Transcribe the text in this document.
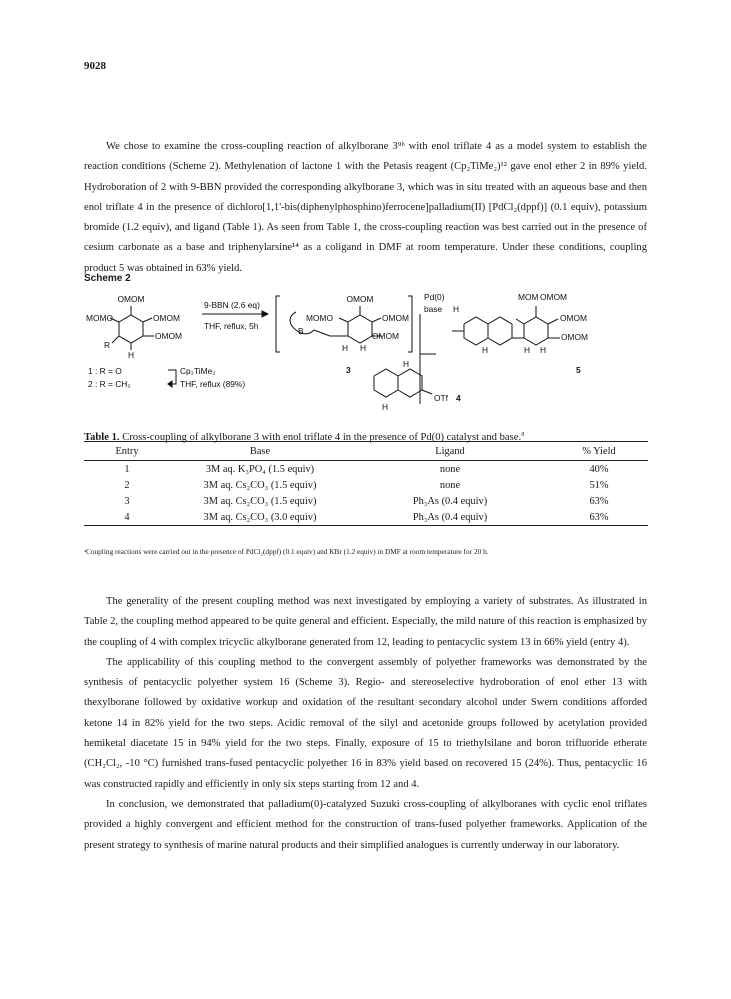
9028

We chose to examine the cross-coupling reaction of alkylborane 3⁹ᵇ with enol triflate 4 as a model system to establish the reaction conditions (Scheme 2). Methylenation of lactone 1 with the Petasis reagent (Cp₂TiMe₂)¹² gave enol ether 2 in 89% yield. Hydroboration of 2 with 9-BBN provided the corresponding alkylborane 3, which was in situ treated with an aqueous base and then enol triflate 4 in the presence of dichloro[1,1'-bis(diphenylphosphino)ferrocene]palladium(II) [PdCl₂(dppf)] (0.1 equiv), potassium bromide (1.2 equiv), and ligand (Table 1). As seen from Table 1, the cross-coupling reaction was best carried out in the presence of cesium carbonate as a base and triphenylarsine¹⁴ as a coligand in DMF at room temperature. Under these conditions, coupling product 5 was obtained in 63% yield.

Scheme 2
OMOM
MOMO	OMOM
OMOM
R
H
9-BBN (2.6 eq)
THF, reflux, 5h
OMOM
MOMO	OMOM
OMOM
B
H H
3
Pd(0)
base
MOM OMOM
OMOM
OMOM
H
H	H H
5
1 : R = O
2 : R = CH₂
Cp₂TiMe₂
THF, reflux (89%)
H
H
OTf 4
Table 1. Cross-coupling of alkylborane 3 with enol triflate 4 in the presence of Pd(0) catalyst and base.$^a$
Entry	Base	Ligand	% Yield
1	3M aq. K₃PO₄ (1.5 equiv)	none	40%
2	3M aq. Cs₂CO₃ (1.5 equiv)	none	51%
3	3M aq. Cs₂CO₃ (1.5 equiv)	Ph₃As (0.4 equiv)	63%
4	3M aq. Cs₂CO₃ (3.0 equiv)	Ph₃As (0.4 equiv)	63%
ᵃCoupling reactions were carried out in the presence of PdCl₂(dppf) (0.1 equiv) and KBr (1.2 equiv) in DMF at room temperature for 20 h.

The generality of the present coupling method was next investigated by employing a variety of substrates. As illustrated in Table 2, the coupling method appeared to be quite general and efficient. Especially, the mild nature of this reaction is emphasized by the coupling of 4 with complex tricyclic alkylborane generated from 12, leading to pentacyclic system 13 in 66% yield (entry 4).

The applicability of this coupling method to the convergent assembly of polyether frameworks was demonstrated by the synthesis of pentacyclic polyether system 16 (Scheme 3). Regio- and stereoselective hydroboration of enol ether 13 with thexylborane followed by oxidative workup and oxidation of the resultant secondary alcohol under Swern conditions afforded ketone 14 in 82% yield for the two steps. Acidic removal of the silyl and acetonide groups followed by acetylation provided hemiketal diacetate 15 in 94% yield for the two steps. Finally, exposure of 15 to triethylsilane and boron trifluoride etherate (CH₂Cl₂, -10 °C) furnished trans-fused pentacyclic polyether 16 in 83% yield based on recovered 15 (24%). Thus, pentacyclic 16 was constructed rapidly and efficiently in only six steps starting from 12 and 4.

In conclusion, we demonstrated that palladium(0)-catalyzed Suzuki cross-coupling of alkylboranes with cyclic enol triflates provided a highly convergent and efficient method for the construction of trans-fused polyether frameworks. Application of the present strategy to synthesis of marine natural products and their simplified analogues is currently underway in our laboratory.
